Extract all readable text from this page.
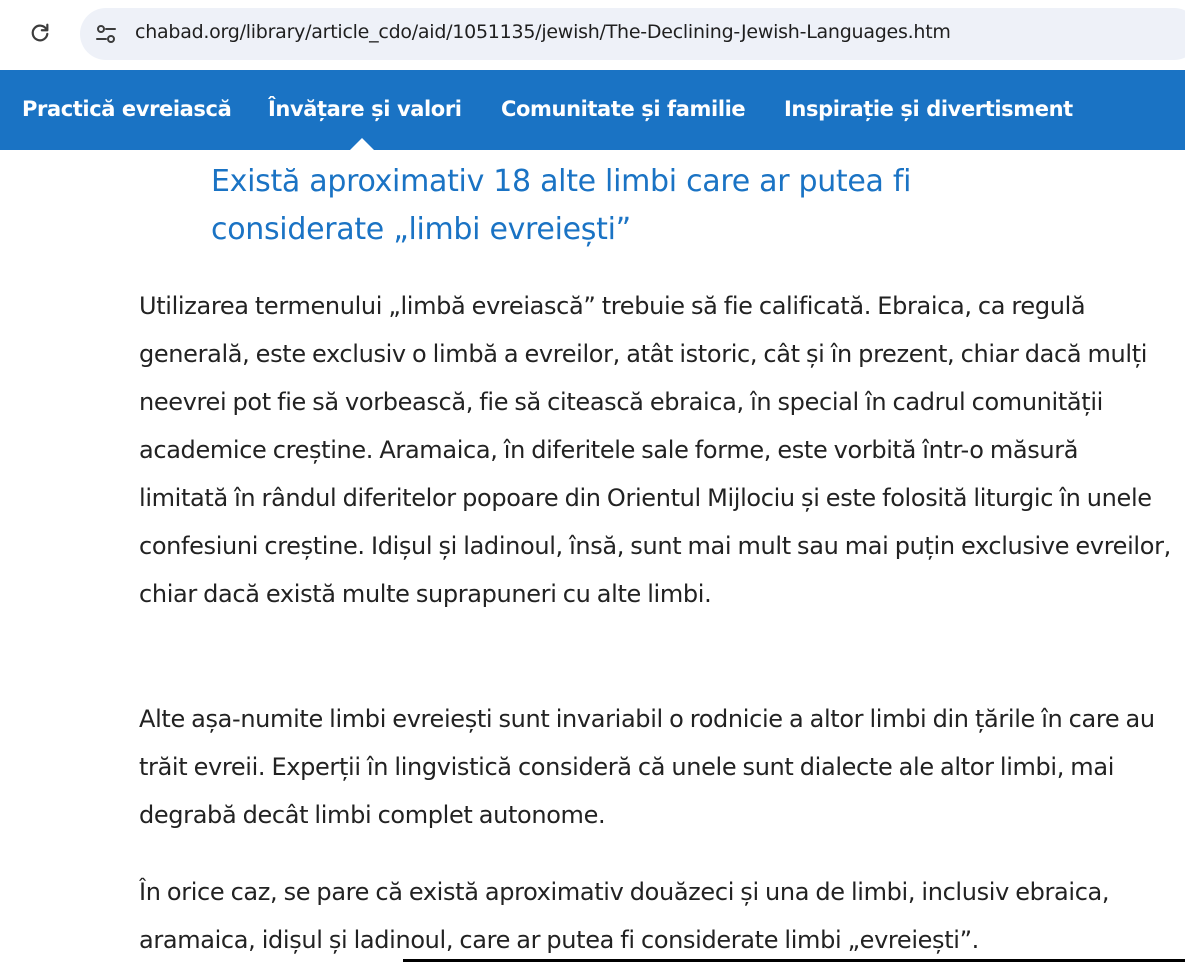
chabad.org/library/article_cdo/aid/1051135/jewish/The-Declining-Jewish-Languages.htm
Practică evreiască Învățare și valori Comunitate și familie Inspirație și divertisment
Există aproximativ 18 alte limbi care ar putea fi considerate „limbi evreiești”

Utilizarea termenului „limbă evreiască” trebuie să fie calificată. Ebraica, ca regulă generală, este exclusiv o limbă a evreilor, atât istoric, cât și în prezent, chiar dacă mulți neevrei pot fie să vorbească, fie să citească ebraica, în special în cadrul comunității academice creștine. Aramaica, în diferitele sale forme, este vorbită într-o măsură limitată în rândul diferitelor popoare din Orientul Mijlociu și este folosită liturgic în unele confesiuni creștine. Idișul și ladinoul, însă, sunt mai mult sau mai puțin exclusive evreilor, chiar dacă există multe suprapuneri cu alte limbi.

Alte așa-numite limbi evreiești sunt invariabil o rodnicie a altor limbi din țările în care au trăit evreii. Experții în lingvistică consideră că unele sunt dialecte ale altor limbi, mai degrabă decât limbi complet autonome.

În orice caz, se pare că există aproximativ douăzeci și una de limbi, inclusiv ebraica, aramaica, idișul și ladinoul, care ar putea fi considerate limbi „evreiești”.
